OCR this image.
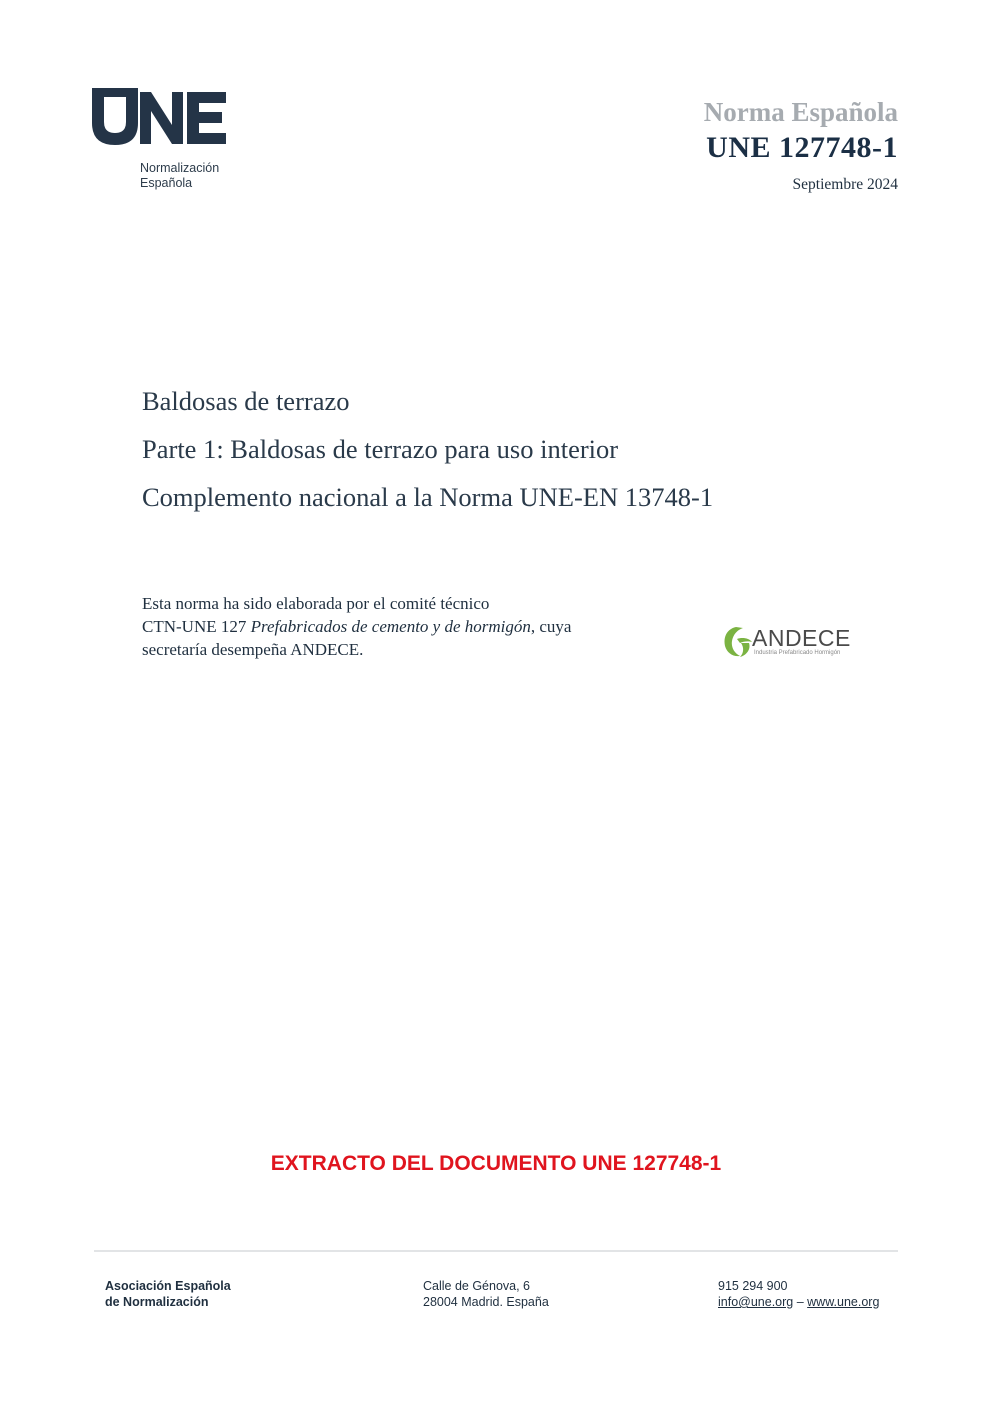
Normalización
Española
Norma Española
UNE 127748-1
Septiembre 2024
Baldosas de terrazo
Parte 1: Baldosas de terrazo para uso interior
Complemento nacional a la Norma UNE-EN 13748-1
Esta norma ha sido elaborada por el comité técnico
CTN-UNE 127 Prefabricados de cemento y de hormigón, cuya
secretaría desempeña ANDECE.	ANDECE
Industria Prefabricado Hormigón
EXTRACTO DEL DOCUMENTO UNE 127748-1
Asociación Española
de Normalización
Calle de Génova, 6
28004 Madrid. España
915 294 900
info@une.org – www.une.org
